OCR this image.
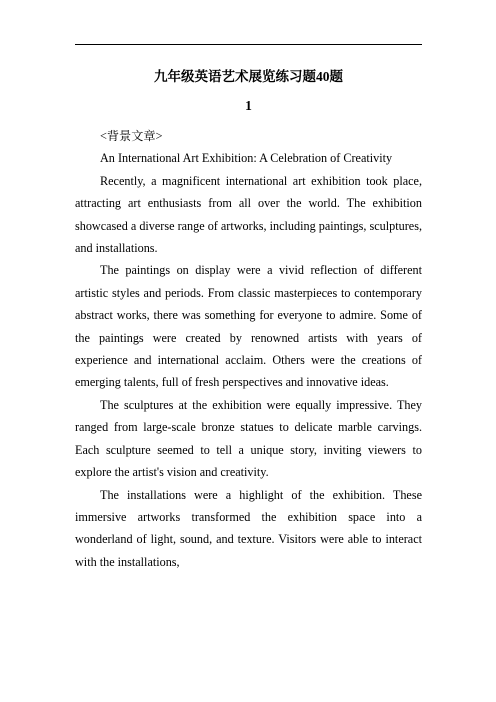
九年级英语艺术展览练习题40题
1

<背景文章>

An International Art Exhibition: A Celebration of Creativity

Recently, a magnificent international art exhibition took place, attracting art enthusiasts from all over the world. The exhibition showcased a diverse range of artworks, including paintings, sculptures, and installations.

The paintings on display were a vivid reflection of different artistic styles and periods. From classic masterpieces to contemporary abstract works, there was something for everyone to admire. Some of the paintings were created by renowned artists with years of experience and international acclaim. Others were the creations of emerging talents, full of fresh perspectives and innovative ideas.

The sculptures at the exhibition were equally impressive. They ranged from large-scale bronze statues to delicate marble carvings. Each sculpture seemed to tell a unique story, inviting viewers to explore the artist's vision and creativity.

The installations were a highlight of the exhibition. These immersive artworks transformed the exhibition space into a wonderland of light, sound, and texture. Visitors were able to interact with the installations,
